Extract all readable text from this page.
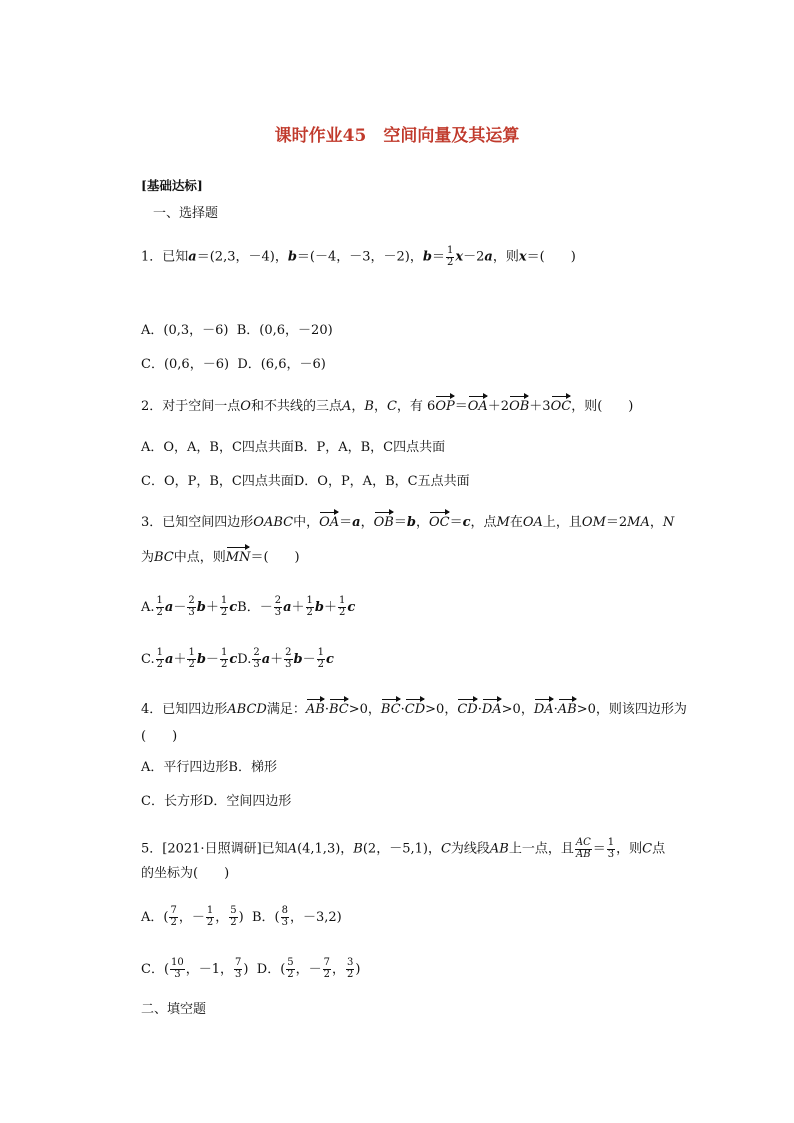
课时作业45　空间向量及其运算
[基础达标]
一、选择题
1．已知a＝(2,3，－4)，b＝(－4，－3，－2)，$b= \frac{1}{2} x-2a$，则x＝(　　)
A．(0,3，－6) B．(0,6，－20)
C．(0,6，－6) D．(6,6，－6)
2．对于空间一点O和不共线的三点A，B，C，有 6OP＝OA＋2OB＋3OC，则(　　)
A．O，A，B，C四点共面B．P，A，B，C四点共面
C．O，P，B，C四点共面D．O，P，A，B，C五点共面
3．已知空间四边形OABC中，OA＝a，OB＝b，OC＝c，点M在OA上，且OM＝2MA，N
为BC中点，则MN＝(　　)
A. $\frac{1}{2} a- \frac{2}{3} b+ \frac{1}{2}$ cB．－ $\frac{2}{3} a+ \frac{1}{2} b+ \frac{1}{2}$ c
C. $\frac{1}{2} a+ \frac{1}{2} b- \frac{1}{2}$ cD. $\frac{2}{3} a+ \frac{2}{3} b- \frac{1}{2}$ c
4．已知四边形ABCD满足：AB·BC>0，BC·CD>0，CD·DA>0，DA·AB>0，则该四边形为
(　　)
A．平行四边形B．梯形
C．长方形D．空间四边形
5．[2021·日照调研]已知A(4,1,3)，B(2，－5,1)，C为线段AB上一点，且 $\frac{AC}{AB} = \frac{1}{3}$ ，则C点
的坐标为(　　)
A．( $\frac{7}{2}$ ，－ $\frac{1}{2}$ ， $\frac{5}{2}$ ) B．( $\frac{8}{3}$ ，－3,2)
C．( $\frac{10}{3}$ ，－1， $\frac{7}{3}$ ) D．( $\frac{5}{2}$ ，－ $\frac{7}{2}$ ， $\frac{3}{2}$ )
二、填空题
